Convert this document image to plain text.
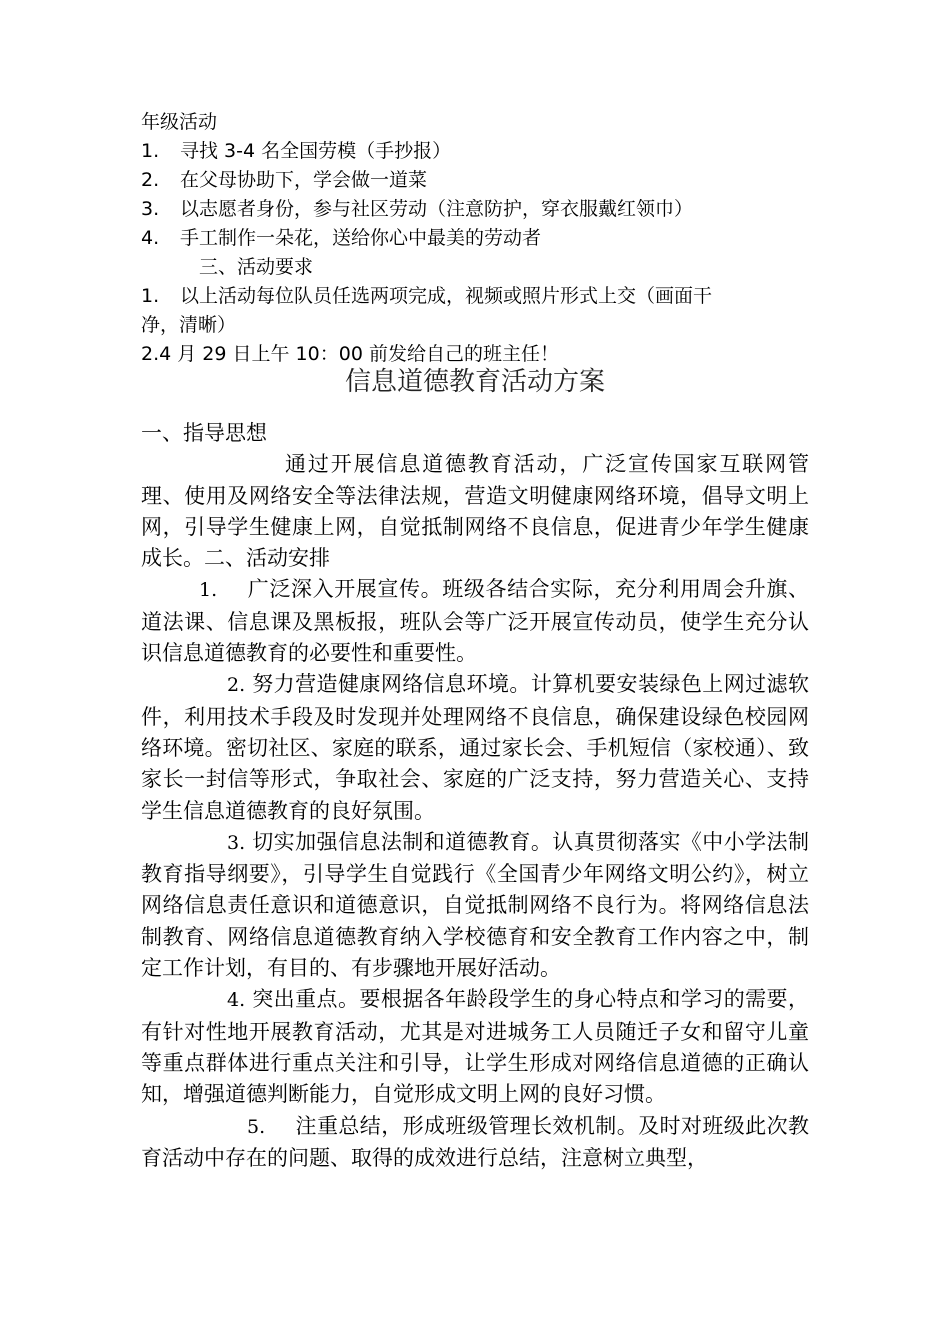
年级活动
1. 寻找 3-4 名全国劳模（手抄报）
2. 在父母协助下，学会做一道菜
3. 以志愿者身份，参与社区劳动（注意防护，穿衣服戴红领巾）
4. 手工制作一朵花，送给你心中最美的劳动者
三、活动要求
1. 以上活动每位队员任选两项完成，视频或照片形式上交（画面干
净，清晰）
2.4 月 29 日上午 10：00 前发给自己的班主任！
信息道德教育活动方案

一、指导思想

通过开展信息道德教育活动，广泛宣传国家互联网管理、使用及网络安全等法律法规，营造文明健康网络环境，倡导文明上网，引导学生健康上网，自觉抵制网络不良信息，促进青少年学生健康成长。二、活动安排

1. 广泛深入开展宣传。班级各结合实际，充分利用周会升旗、道法课、信息课及黑板报，班队会等广泛开展宣传动员，使学生充分认识信息道德教育的必要性和重要性。

2. 努力营造健康网络信息环境。计算机要安装绿色上网过滤软件，利用技术手段及时发现并处理网络不良信息，确保建设绿色校园网络环境。密切社区、家庭的联系，通过家长会、手机短信（家校通）、致家长一封信等形式，争取社会、家庭的广泛支持，努力营造关心、支持学生信息道德教育的良好氛围。

3. 切实加强信息法制和道德教育。认真贯彻落实《中小学法制教育指导纲要》，引导学生自觉践行《全国青少年网络文明公约》，树立网络信息责任意识和道德意识，自觉抵制网络不良行为。将网络信息法制教育、网络信息道德教育纳入学校德育和安全教育工作内容之中，制定工作计划，有目的、有步骤地开展好活动。

4. 突出重点。要根据各年龄段学生的身心特点和学习的需要，有针对性地开展教育活动，尤其是对进城务工人员随迁子女和留守儿童等重点群体进行重点关注和引导，让学生形成对网络信息道德的正确认知，增强道德判断能力，自觉形成文明上网的良好习惯。

5. 注重总结，形成班级管理长效机制。及时对班级此次教育活动中存在的问题、取得的成效进行总结，注意树立典型，
